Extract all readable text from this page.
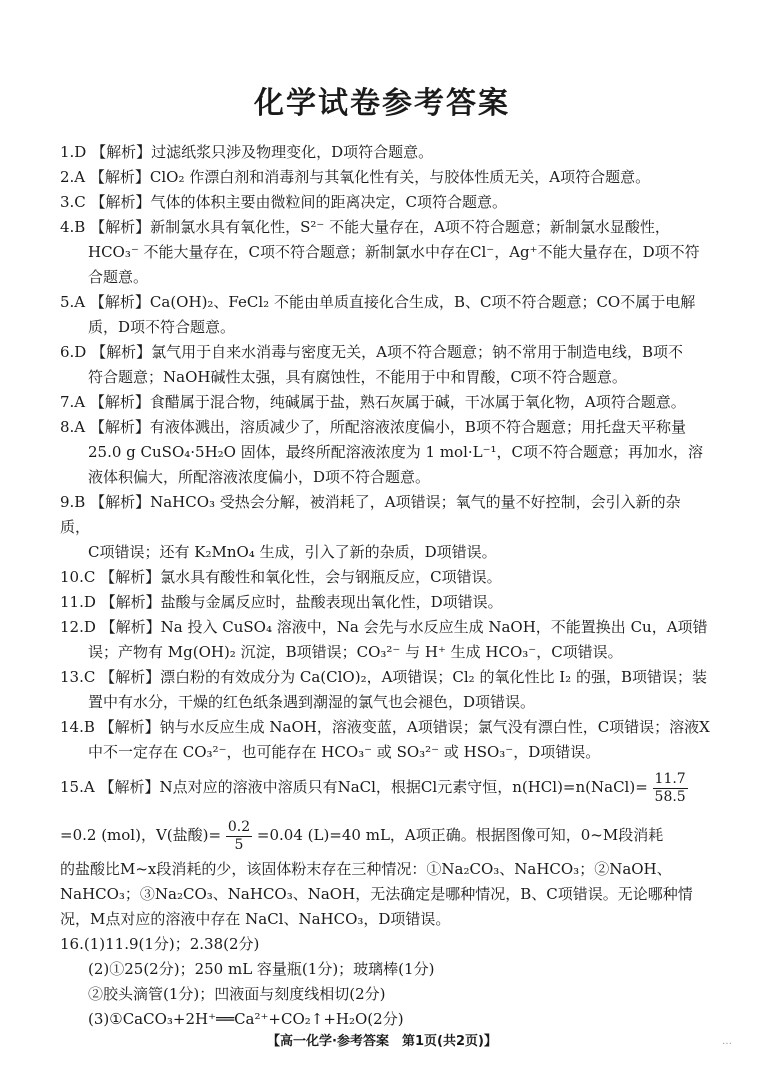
化学试卷参考答案
1.D 【解析】过滤纸浆只涉及物理变化，D项符合题意。
2.A 【解析】ClO₂ 作漂白剂和消毒剂与其氧化性有关，与胶体性质无关，A项符合题意。
3.C 【解析】气体的体积主要由微粒间的距离决定，C项符合题意。
4.B 【解析】新制氯水具有氧化性，S²⁻ 不能大量存在，A项不符合题意；新制氯水显酸性，
HCO₃⁻ 不能大量存在，C项不符合题意；新制氯水中存在Cl⁻，Ag⁺不能大量存在，D项不符
合题意。
5.A 【解析】Ca(OH)₂、FeCl₂ 不能由单质直接化合生成，B、C项不符合题意；CO不属于电解
质，D项不符合题意。
6.D 【解析】氯气用于自来水消毒与密度无关，A项不符合题意；钠不常用于制造电线，B项不
符合题意；NaOH碱性太强，具有腐蚀性，不能用于中和胃酸，C项不符合题意。
7.A 【解析】食醋属于混合物，纯碱属于盐，熟石灰属于碱，干冰属于氧化物，A项符合题意。
8.A 【解析】有液体溅出，溶质减少了，所配溶液浓度偏小，B项不符合题意；用托盘天平称量
25.0 g CuSO₄·5H₂O 固体，最终所配溶液浓度为 1 mol·L⁻¹，C项不符合题意；再加水，溶
液体积偏大，所配溶液浓度偏小，D项不符合题意。
9.B 【解析】NaHCO₃ 受热会分解，被消耗了，A项错误；氧气的量不好控制，会引入新的杂质，
C项错误；还有 K₂MnO₄ 生成，引入了新的杂质，D项错误。
10.C 【解析】氯水具有酸性和氧化性，会与钢瓶反应，C项错误。
11.D 【解析】盐酸与金属反应时，盐酸表现出氧化性，D项错误。
12.D 【解析】Na 投入 CuSO₄ 溶液中，Na 会先与水反应生成 NaOH，不能置换出 Cu，A项错
误；产物有 Mg(OH)₂ 沉淀，B项错误；CO₃²⁻ 与 H⁺ 生成 HCO₃⁻，C项错误。
13.C 【解析】漂白粉的有效成分为 Ca(ClO)₂，A项错误；Cl₂ 的氧化性比 I₂ 的强，B项错误；装
置中有水分，干燥的红色纸条遇到潮湿的氯气也会褪色，D项错误。
14.B 【解析】钠与水反应生成 NaOH，溶液变蓝，A项错误；氯气没有漂白性，C项错误；溶液X
中不一定存在 CO₃²⁻，也可能存在 HCO₃⁻ 或 SO₃²⁻ 或 HSO₃⁻，D项错误。
15.A 【解析】N点对应的溶液中溶质只有NaCl，根据Cl元素守恒，n(HCl)=n(NaCl)= $\frac{11.7}{58.5}$
=0.2 (mol)，V(盐酸)= $\frac{0.2}{5} =0.04$ (L)=40 mL，A项正确。根据图像可知，0~M段消耗
的盐酸比M~x段消耗的少，该固体粉末存在三种情况：①Na₂CO₃、NaHCO₃；②NaOH、
NaHCO₃；③Na₂CO₃、NaHCO₃、NaOH，无法确定是哪种情况，B、C项错误。无论哪种情
况，M点对应的溶液中存在 NaCl、NaHCO₃，D项错误。
16.(1)11.9(1分)；2.38(2分)
(2)①25(2分)；250 mL 容量瓶(1分)；玻璃棒(1分)
②胶头滴管(1分)；凹液面与刻度线相切(2分)
(3)①CaCO₃+2H⁺══Ca²⁺+CO₂↑+H₂O(2分)
【高一化学·参考答案　第1页(共2页)】	…
